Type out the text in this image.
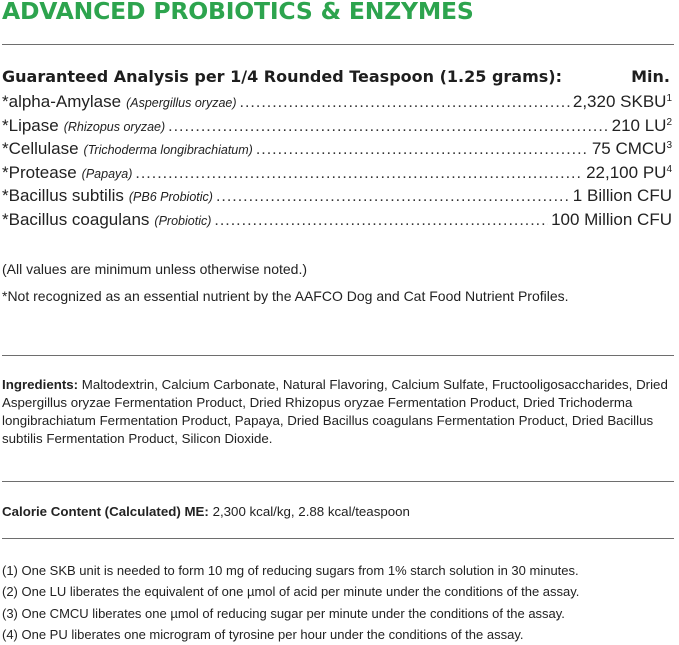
ADVANCED PROBIOTICS & ENZYMES
Guaranteed Analysis per 1/4 Rounded Teaspoon (1.25 grams):	Min.
*alpha-Amylase (Aspergillus oryzae) .....	2,320 SKBU$^1$
*Lipase (Rhizopus oryzae) .....	210 $LU^2$
*Cellulase (Trichoderma longibrachiatum) .....	75 CMCU$^3$
*Protease (Papaya) .....	22,100 $PU^4$
*Bacillus subtilis (PB6 Probiotic) .....	1 Billion CFU
*Bacillus coagulans (Probiotic) .....	100 Million CFU
(All values are minimum unless otherwise noted.)
*Not recognized as an essential nutrient by the AAFCO Dog and Cat Food Nutrient Profiles.
Ingredients: Maltodextrin, Calcium Carbonate, Natural Flavoring, Calcium Sulfate, Fructooligosaccharides, Dried Aspergillus oryzae Fermentation Product, Dried Rhizopus oryzae Fermentation Product, Dried Trichoderma longibrachiatum Fermentation Product, Papaya, Dried Bacillus coagulans Fermentation Product, Dried Bacillus subtilis Fermentation Product, Silicon Dioxide.
Calorie Content (Calculated) ME: 2,300 kcal/kg, 2.88 kcal/teaspoon
(1) One SKB unit is needed to form 10 mg of reducing sugars from 1% starch solution in 30 minutes.
(2) One LU liberates the equivalent of one µmol of acid per minute under the conditions of the assay.
(3) One CMCU liberates one µmol of reducing sugar per minute under the conditions of the assay.
(4) One PU liberates one microgram of tyrosine per hour under the conditions of the assay.
